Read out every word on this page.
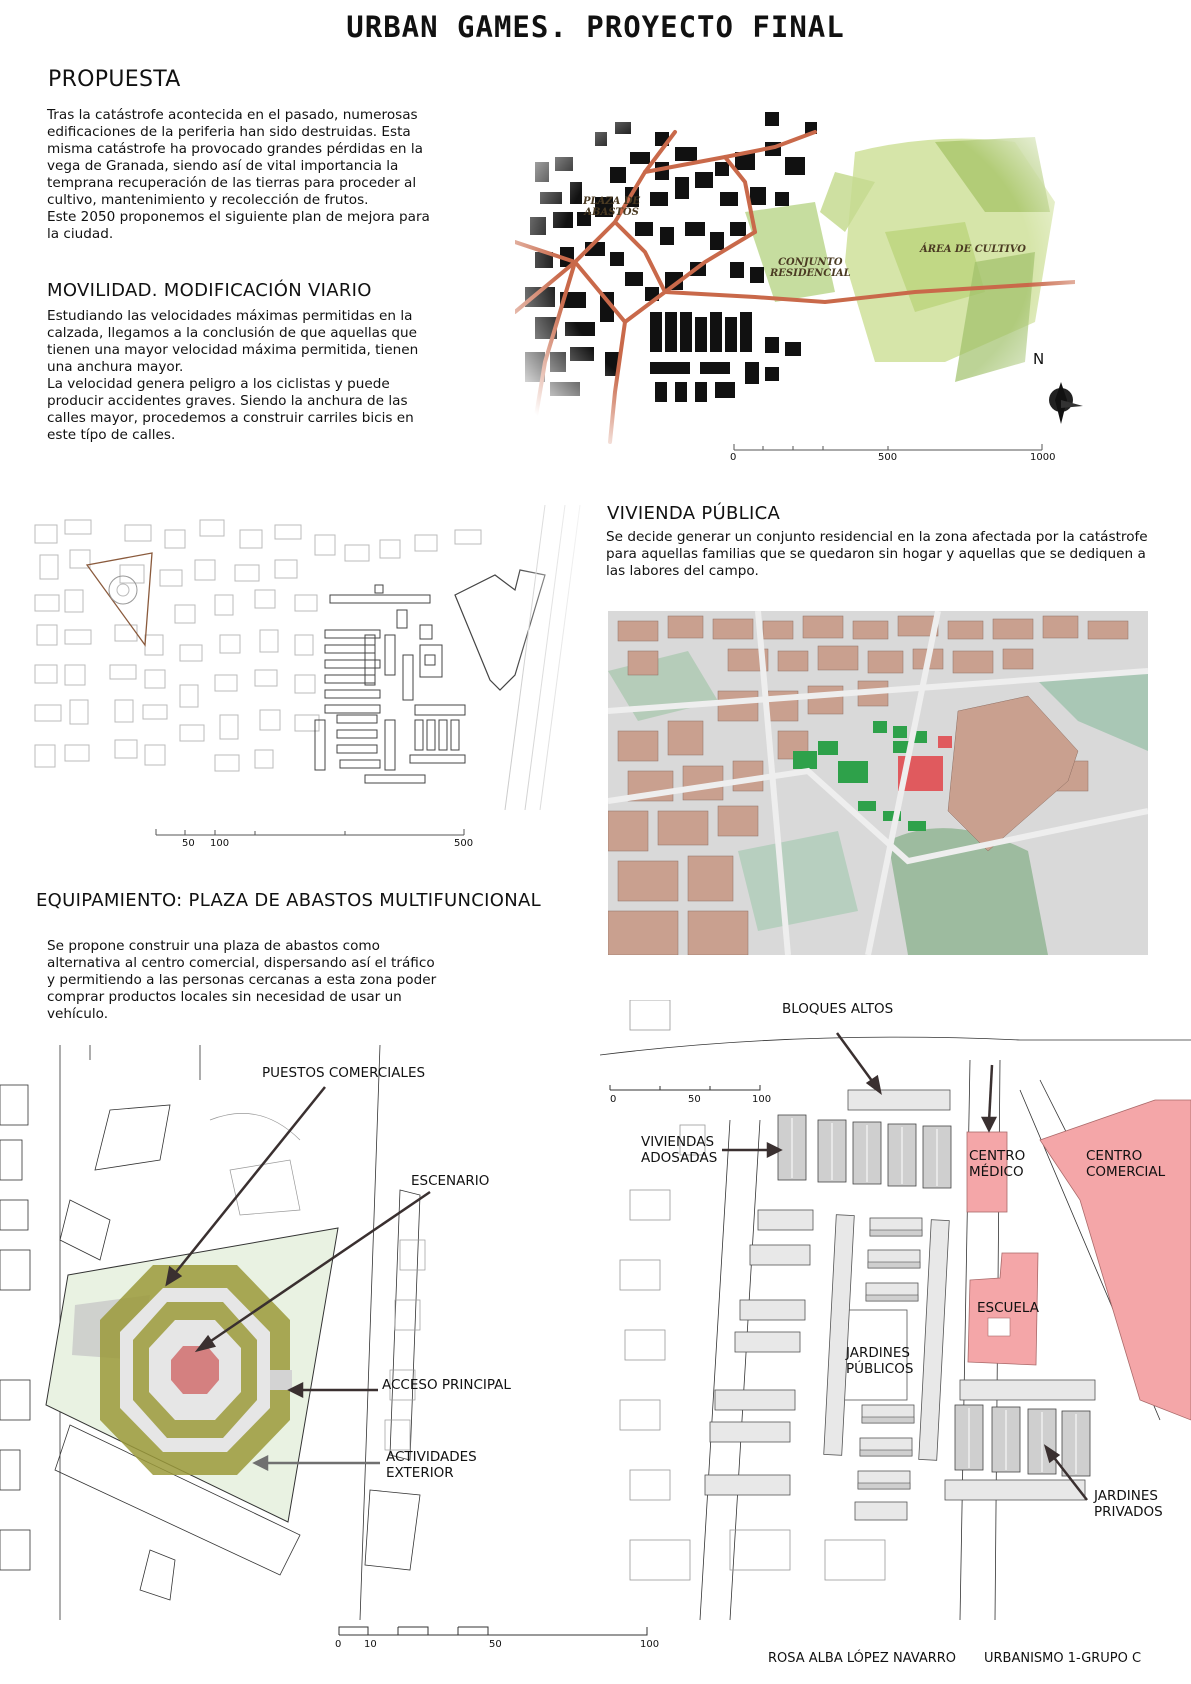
URBAN GAMES. PROYECTO FINAL
PROPUESTA
Tras la catástrofe acontecida en el pasado, numerosas
edificaciones de la periferia han sido destruidas. Esta
misma catástrofe ha provocado grandes pérdidas en la
vega de Granada, siendo así de vital importancia la
temprana recuperación de las tierras para proceder al
cultivo, mantenimiento y recolección de frutos.
Este 2050 proponemos el siguiente plan de mejora para
la ciudad.
MOVILIDAD. MODIFICACIÓN VIARIO
Estudiando las velocidades máximas permitidas en la
calzada, llegamos a la conclusión de que aquellas que
tienen una mayor velocidad máxima permitida, tienen
una anchura mayor.
La velocidad genera peligro a los ciclistas y puede
producir accidentes graves. Siendo la anchura de las
calles mayor, procedemos a construir carriles bicis en
este típo de calles.
PLAZA DE
ABASTOS
CONJUNTO
RESIDENCIAL
ÁREA DE CULTIVO
N
0	500	1000
50 100	500
VIVIENDA PÚBLICA
Se decide generar un conjunto residencial en la zona afectada por la catástrofe
para aquellas familias que se quedaron sin hogar y aquellas que se dediquen a
las labores del campo.
EQUIPAMIENTO: PLAZA DE ABASTOS MULTIFUNCIONAL
Se propone construir una plaza de abastos como
alternativa al centro comercial, dispersando así el tráfico
y permitiendo a las personas cercanas a esta zona poder
comprar productos locales sin necesidad de usar un
vehículo.
PUESTOS COMERCIALES
ESCENARIO
ACCESO PRINCIPAL
ACTIVIDADES
EXTERIOR
0 10	50	100
0	50	100
BLOQUES ALTOS
VIVIENDAS
ADOSADAS	CENTRO
MÉDICO
CENTRO
COMERCIAL
ESCUELA
JARDINES
PÚBLICOS
JARDINES
PRIVADOS
ROSA ALBA LÓPEZ NAVARRO URBANISMO 1-GRUPO C
